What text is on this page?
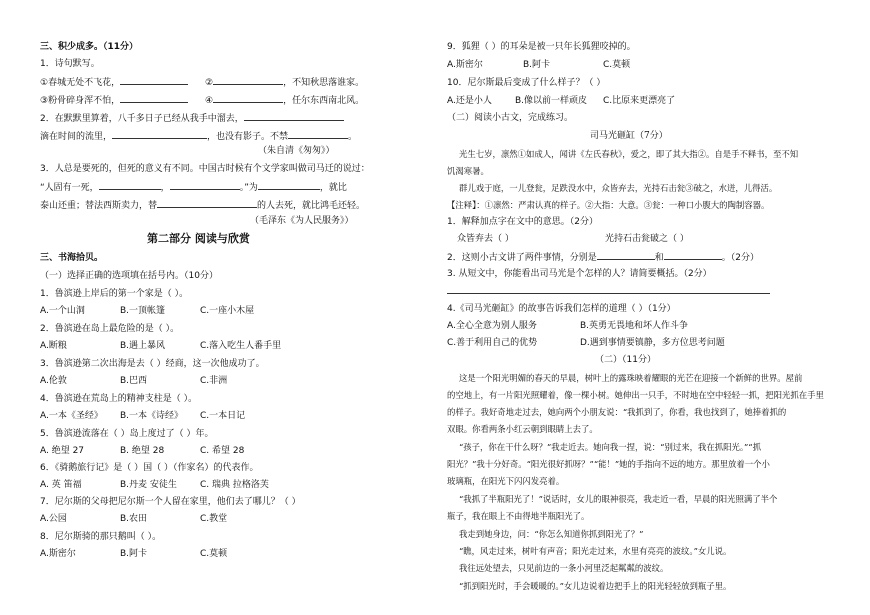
三、积少成多。（11分）
1．诗句默写。
①春城无处不飞花，	②	，不知秋思落谁家。
③粉骨碎身浑不怕，	④	，任尔东西南北风。
2．在默默里算着，八千多日子已经从我手中溜去，
滴在时间的流里，	，也没有影子。不禁	。
（朱自清《匆匆》）
3．人总是要死的，但死的意义有不同。中国古时候有个文学家叫做司马迁的说过：
“人固有一死，	，	。”为	，就比
泰山还重；替法西斯卖力，替	的人去死，就比鸿毛还轻。
（毛泽东《为人民服务》）
第二部分 阅读与欣赏
三、书海拾贝。
（一）选择正确的选项填在括号内。（10分）
1．鲁滨逊上岸后的第一个家是（ ）。
A.一个山洞	B.一顶帐篷	C.一座小木屋
2．鲁滨逊在岛上最危险的是（ ）。
A.断粮	B.遇上暴风	C.落入吃生人番手里
3．鲁滨逊第二次出海是去（ ）经商，这一次他成功了。
A.伦敦	B.巴西	C.非洲
4．鲁滨逊在荒岛上的精神支柱是（ ）。
A.一本《圣经》 B.一本《诗经》 C.一本日记
5．鲁滨逊流落在（ ）岛上度过了（ ）年。
A. 绝望 27	B. 绝望 28	C. 希望 28
6．《骑鹅旅行记》是（ ）国（ ）（作家名）的代表作。
A. 英 笛福	B.丹麦 安徒生	C. 瑞典 拉格洛芙
7．尼尔斯的父母把尼尔斯一个人留在家里，他们去了哪儿？（ ）
A.公园	B.农田	C.教堂
8．尼尔斯骑的那只鹅叫（ ）。
A.斯密尔	B.阿卡	C.莫顿
9．狐狸（ ）的耳朵是被一只年长狐狸咬掉的。
A.斯密尔	B.阿卡	C.莫顿
10．尼尔斯最后变成了什么样子？（ ）
A.还是小人	B.像以前一样顽皮 C.比原来更漂亮了
（二）阅读小古文，完成练习。
司马光砸缸（7分）
光生七岁，凛然①如成人，闻讲《左氏春秋》，爱之，即了其大指②。自是手不释书，至不知
饥渴寒暑。
群儿戏于庭，一儿登瓮，足跌没水中，众皆弃去，光持石击瓮③破之，水迸，儿得活。
【注释】：①凛然：严肃认真的样子。②大指：大意。③瓮：一种口小腹大的陶制容器。
1．解释加点字在文中的意思。（2分）
众皆弃去（ ）	光持石击瓮破之（ ）
2．这则小古文讲了两件事情，分别是	和	。（2分）
3. 从短文中，你能看出司马光是个怎样的人？请简要概括。（2分）
4.《司马光砸缸》的故事告诉我们怎样的道理（ ）（1分）
A.全心全意为别人服务	B.英勇无畏地和坏人作斗争
C.善于利用自己的优势	D.遇到事情要镇静，多方位思考问题
（二）（11分）
这是一个阳光明媚的春天的早晨，树叶上的露珠映着耀眼的光芒在迎接一个新鲜的世界。屋前
的空地上，有一片阳光照耀着，像一棵小树。她伸出一只手，不时地在空中轻轻一抓，把阳光抓在手里
的样子。我好奇地走过去，她向两个小朋友说：“我抓到了，你看，我也找到了，她捧着抓的
双眼。你看两条小红云朝到眼睛上去了。
“孩子，你在干什么呀？”我走近去。她向我一捏，说：“别过来，我在抓阳光。”“抓
阳光？”我十分好奇。“阳光很好抓呀？”“能！”她的手指向不远的地方。那里放着一个小
玻璃瓶，在阳光下闪闪发亮着。
“我抓了半瓶阳光了！”说话时，女儿的眼神很亮，我走近一看，早晨的阳光照满了半个
瓶子，我在眼上不由得地半瓶阳光了。
我走到她身边，问：“你怎么知道你抓到阳光了？”
“瞧，风走过来，树叶有声音；阳光走过来，水里有亮亮的波纹。”女儿说。
我往远处望去，只见前边的一条小河里泛起粼粼的波纹。
“抓到阳光时，手会暖暖的。”女儿边说着边把手上的阳光轻轻放到瓶子里。
